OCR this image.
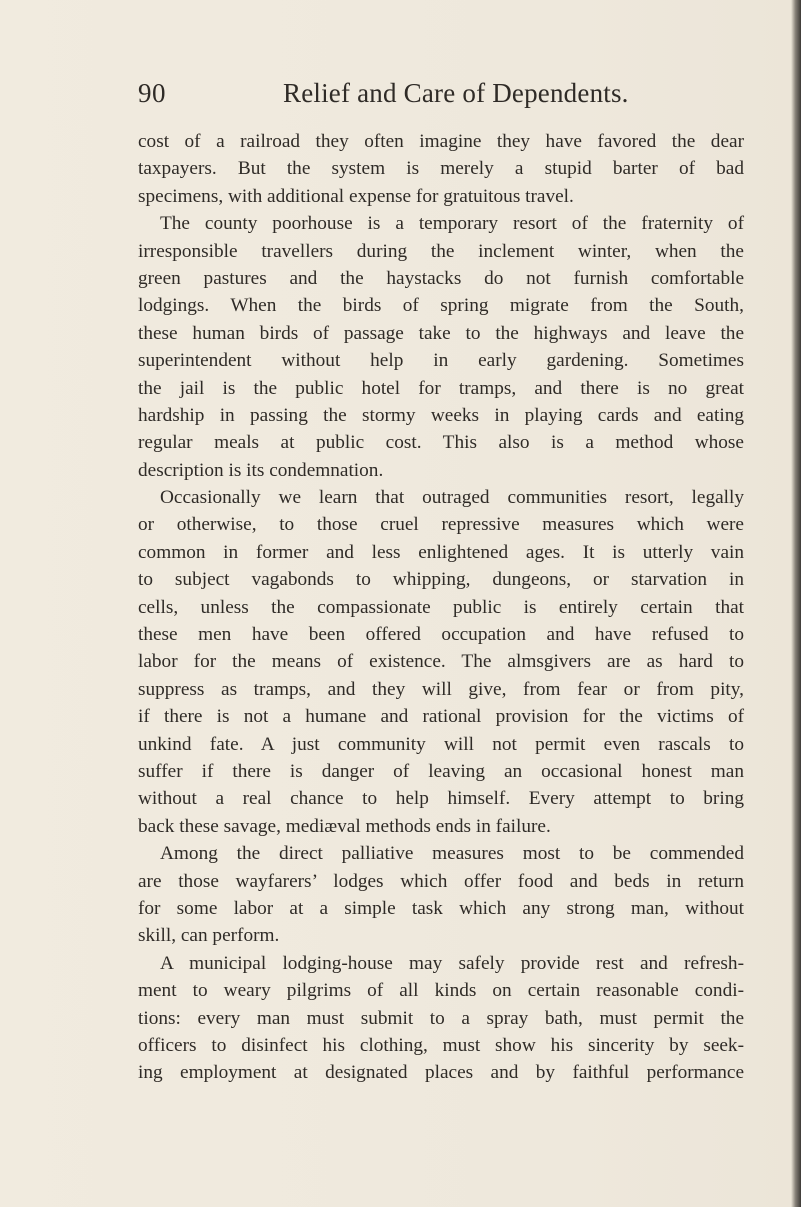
90	Relief and Care of Dependents.
cost of a railroad they often imagine they have favored the dear
taxpayers. But the system is merely a stupid barter of bad
specimens, with additional expense for gratuitous travel.
The county poorhouse is a temporary resort of the fraternity of
irresponsible travellers during the inclement winter, when the
green pastures and the haystacks do not furnish comfortable
lodgings. When the birds of spring migrate from the South,
these human birds of passage take to the highways and leave the
superintendent without help in early gardening. Sometimes
the jail is the public hotel for tramps, and there is no great
hardship in passing the stormy weeks in playing cards and eating
regular meals at public cost. This also is a method whose
description is its condemnation.
Occasionally we learn that outraged communities resort, legally
or otherwise, to those cruel repressive measures which were
common in former and less enlightened ages. It is utterly vain
to subject vagabonds to whipping, dungeons, or starvation in
cells, unless the compassionate public is entirely certain that
these men have been offered occupation and have refused to
labor for the means of existence. The almsgivers are as hard to
suppress as tramps, and they will give, from fear or from pity,
if there is not a humane and rational provision for the victims of
unkind fate. A just community will not permit even rascals to
suffer if there is danger of leaving an occasional honest man
without a real chance to help himself. Every attempt to bring
back these savage, mediæval methods ends in failure.
Among the direct palliative measures most to be commended
are those wayfarers’ lodges which offer food and beds in return
for some labor at a simple task which any strong man, without
skill, can perform.
A municipal lodging-house may safely provide rest and refresh-
ment to weary pilgrims of all kinds on certain reasonable condi-
tions: every man must submit to a spray bath, must permit the
officers to disinfect his clothing, must show his sincerity by seek-
ing employment at designated places and by faithful performance
